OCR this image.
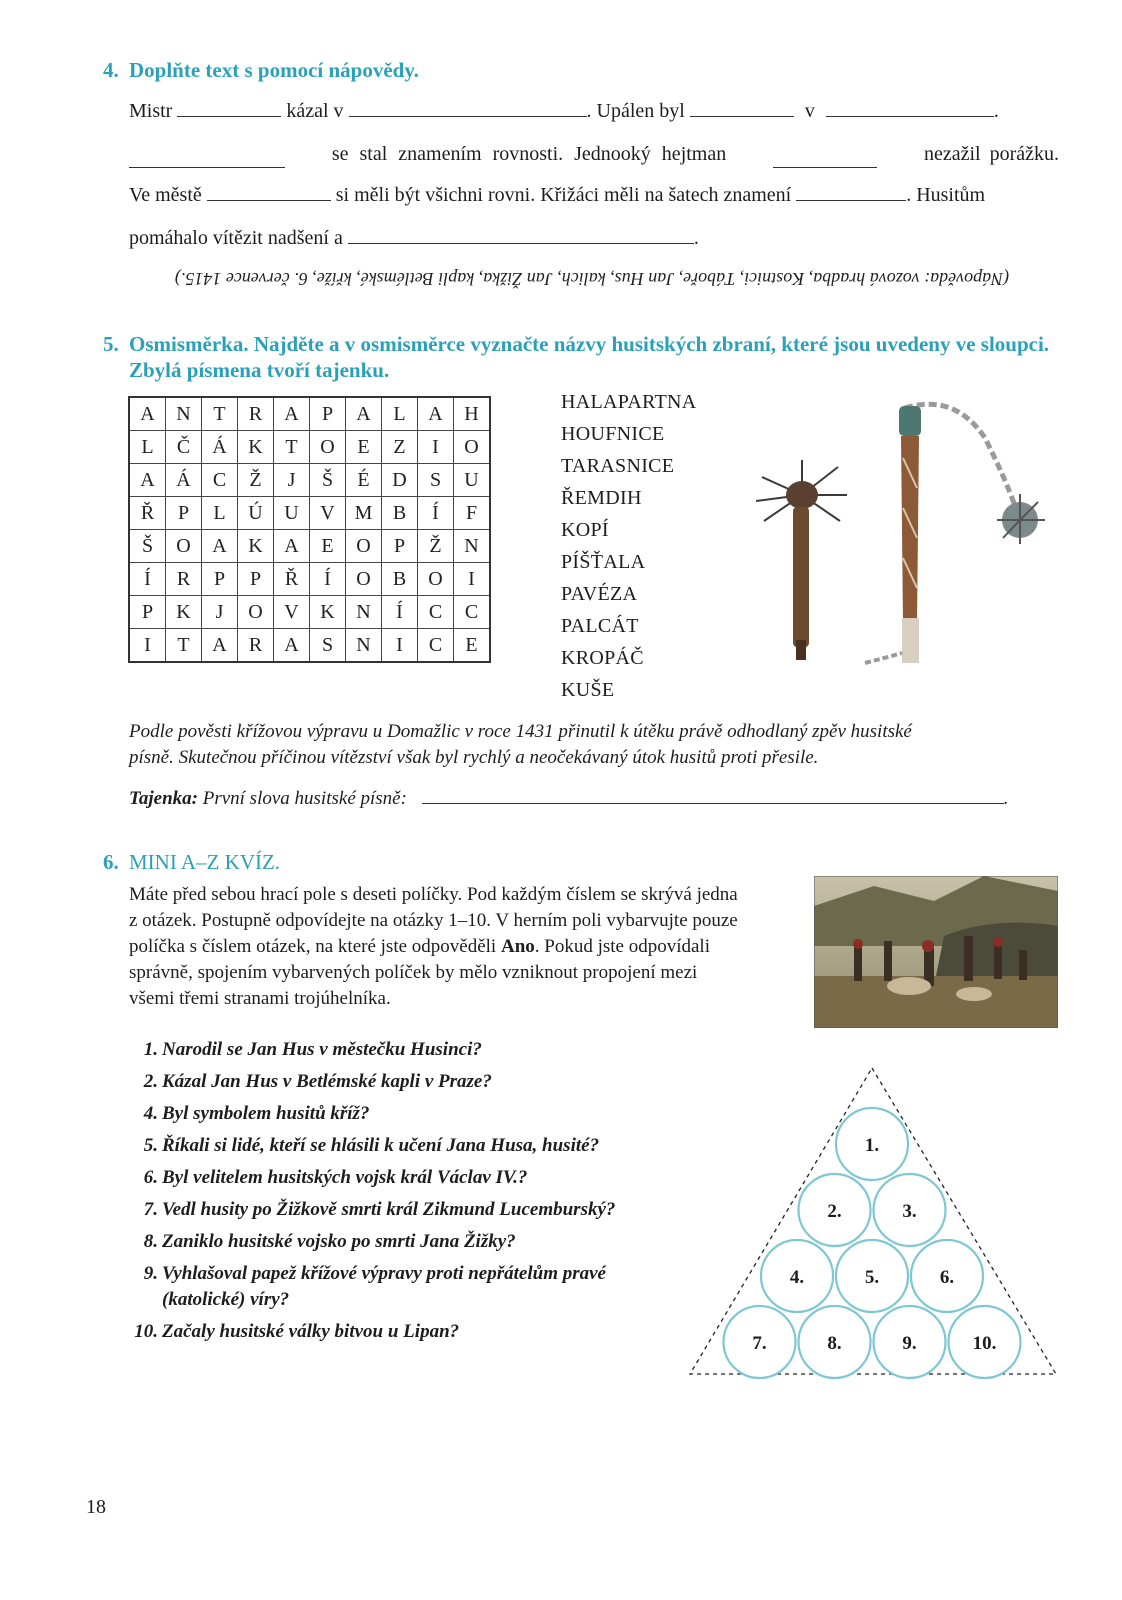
4. Doplňte text s pomocí nápovědy.
Mistr	kázal v	. Upálen byl	v	.
se stal znamením rovnosti. Jednooký hejtman	nezažil porážku.
Ve městě	si měli být všichni rovni. Křižáci měli na šatech znamení	. Husitům
pomáhalo vítězit nadšení a	.
(Nápověda: vozová hradba, Kostnici, Táboře, Jan Hus, kalich, Jan Žižka, kapli Betlémské, kříže, 6. července 1415.)
5. Osmisměrka. Najděte a v osmisměrce vyznačte názvy husitských zbraní, které jsou uvedeny ve sloupci.
Zbylá písmena tvoří tajenku.
A	N	T	R	A	P	A	L	A	H
L	Č	Á	K	T	O	E	Z	I	O
A	Á	C	Ž	J	Š	É	D	S	U
Ř	P	L	Ú	U	V	M	B	Í	F
Š	O	A	K	A	E	O	P	Ž	N
Í	R	P	P	Ř	Í	O	B	O	I
P	K	J	O	V	K	N	Í	C	C
I	T	A	R	A	S	N	I	C	E
HALAPARTNA
HOUFNICE
TARASNICE
ŘEMDIH
KOPÍ
PÍŠŤALA
PAVÉZA
PALCÁT
KROPÁČ
KUŠE
Podle pověsti křížovou výpravu u Domažlic v roce 1431 přinutil k útěku právě odhodlaný zpěv husitské
písně. Skutečnou příčinou vítězství však byl rychlý a neočekávaný útok husitů proti přesile.
Tajenka: První slova husitské písně:	.
6. MINI A–Z KVÍZ.
Máte před sebou hrací pole s deseti políčky. Pod každým číslem se skrývá jedna
z otázek. Postupně odpovídejte na otázky 1–10. V herním poli vybarvujte pouze
políčka s číslem otázek, na které jste odpověděli Ano. Pokud jste odpovídali
správně, spojením vybarvených políček by mělo vzniknout propojení mezi
všemi třemi stranami trojúhelníka.
1. Narodil se Jan Hus v městečku Husinci?
2. Kázal Jan Hus v Betlémské kapli v Praze?
4. Byl symbolem husitů kříž?
5. Říkali si lidé, kteří se hlásili k učení Jana Husa, husité?
6. Byl velitelem husitských vojsk král Václav IV.?
7. Vedl husity po Žižkově smrti král Zikmund Lucemburský?
8. Zaniklo husitské vojsko po smrti Jana Žižky?
9. Vyhlašoval papež křížové výpravy proti nepřátelům pravé
(katolické) víry?
10. Začaly husitské války bitvou u Lipan?
1.
2.	3.
4.	5.	6.
7.	8.	9.	10.
18
